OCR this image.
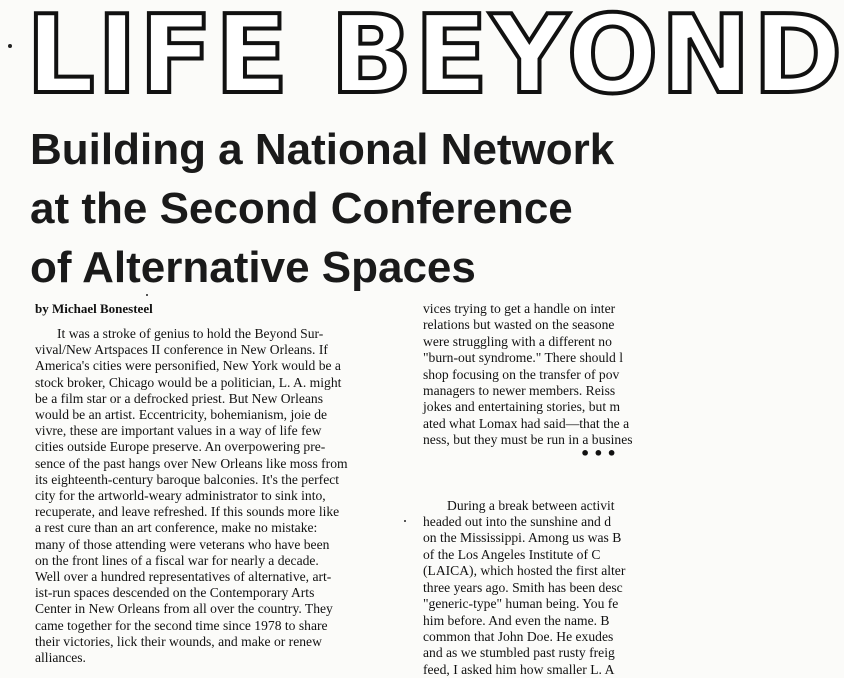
LIFE BEYOND
Building a National Network
at the Second Conference
of Alternative Spaces
by Michael Bonesteel
It was a stroke of genius to hold the Beyond Sur-
vival/New Artspaces II conference in New Orleans. If
America's cities were personified, New York would be a
stock broker, Chicago would be a politician, L. A. might
be a film star or a defrocked priest. But New Orleans
would be an artist. Eccentricity, bohemianism, joie de
vivre, these are important values in a way of life few
cities outside Europe preserve. An overpowering pre-
sence of the past hangs over New Orleans like moss from
its eighteenth-century baroque balconies. It's the perfect
city for the artworld-weary administrator to sink into,
recuperate, and leave refreshed. If this sounds more like
a rest cure than an art conference, make no mistake:
many of those attending were veterans who have been
on the front lines of a fiscal war for nearly a decade.
Well over a hundred representatives of alternative, art-
ist-run spaces descended on the Contemporary Arts
Center in New Orleans from all over the country. They
came together for the second time since 1978 to share
their victories, lick their wounds, and make or renew
alliances.
vices trying to get a handle on inter
relations but wasted on the seasone
were struggling with a different no
"burn-out syndrome." There should l
shop focusing on the transfer of pov
managers to newer members. Reiss
jokes and entertaining stories, but m
ated what Lomax had said—that the a
ness, but they must be run in a busines
During a break between activit
headed out into the sunshine and d
on the Mississippi. Among us was B
of the Los Angeles Institute of C
(LAICA), which hosted the first alter
three years ago. Smith has been desc
"generic-type" human being. You fe
him before. And even the name. B
common that John Doe. He exudes
and as we stumbled past rusty freig
feed, I asked him how smaller L. A
•••
